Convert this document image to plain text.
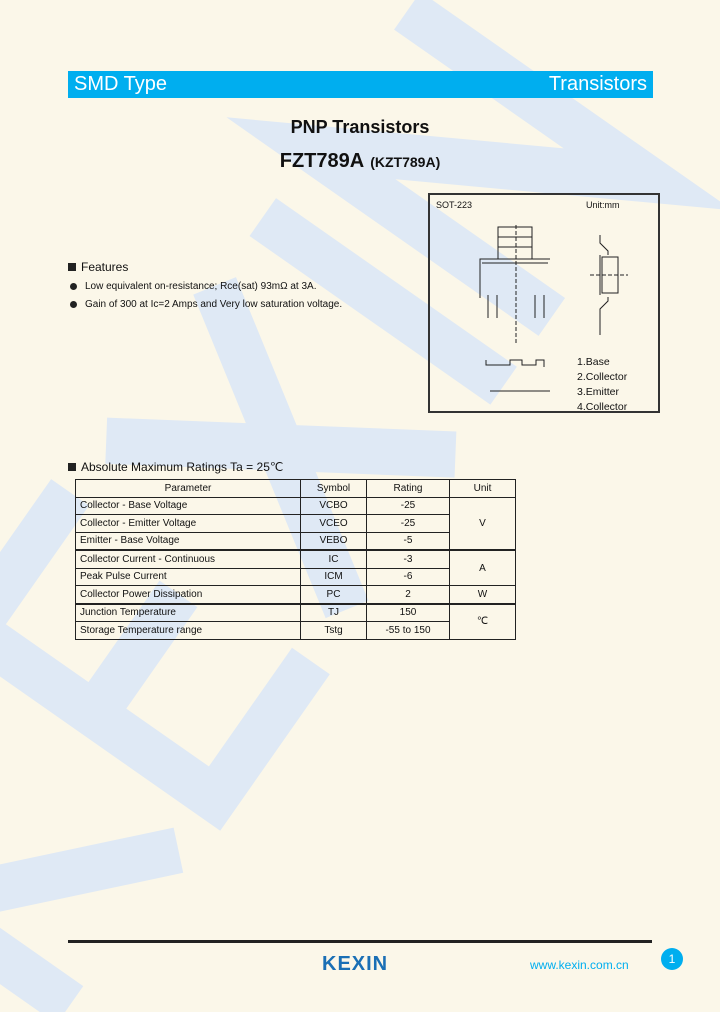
SMD Type	Transistors
PNP Transistors
FZT789A (KZT789A)
Features
Low equivalent on-resistance; Rce(sat) 93mΩ at 3A.
Gain of 300 at Ic=2 Amps and Very low saturation voltage.
SOT-223	Unit:mm
1.Base
2.Collector
3.Emitter
4.Collector
Absolute Maximum Ratings Ta = 25℃
Parameter	Symbol	Rating	Unit
Collector - Base Voltage	VCBO	-25	V
Collector - Emitter Voltage	VCEO	-25	
Emitter - Base Voltage	VEBO	-5	
Collector Current - Continuous	IC	-3	A
Peak Pulse Current	ICM	-6	
Collector Power Dissipation	PC	2	W
Junction Temperature	TJ	150	℃
Storage Temperature range	Tstg	-55 to 150	
KEXIN	www.kexin.com.cn	1
